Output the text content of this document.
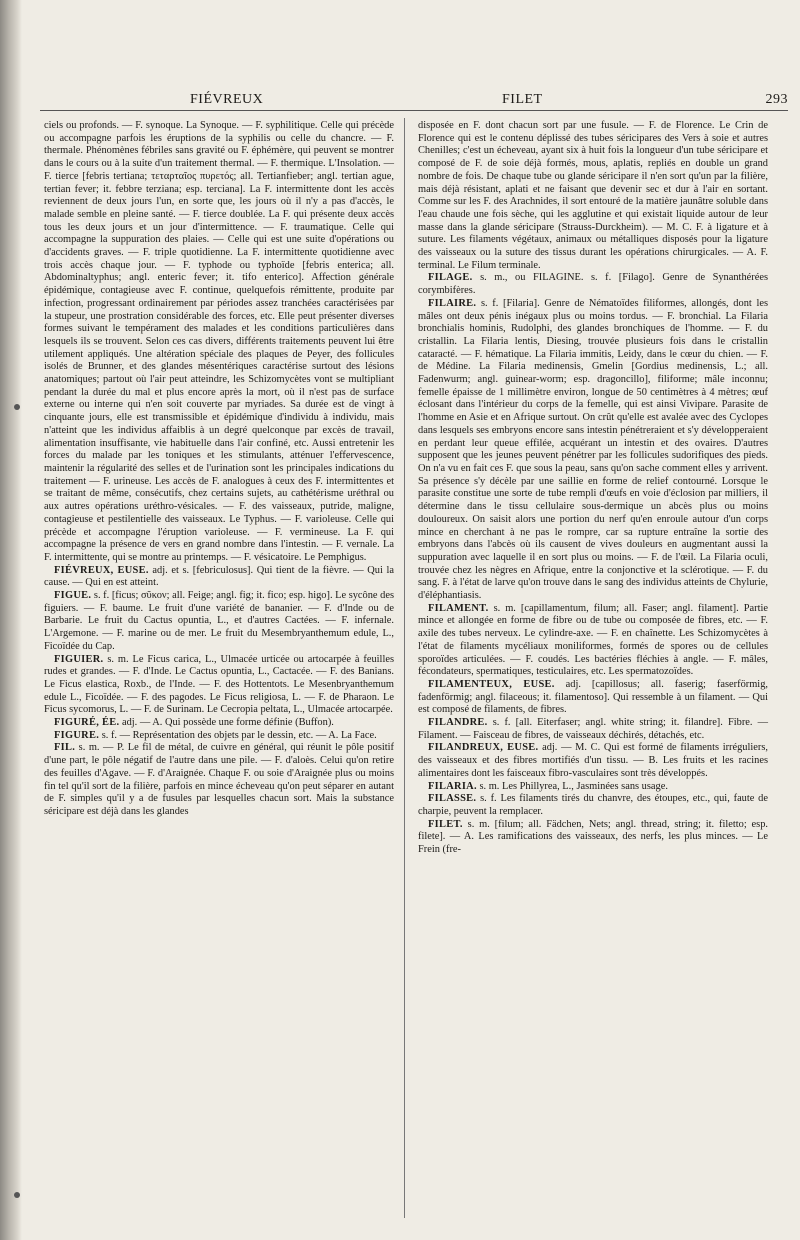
FIÉVREUX	FILET	293

ciels ou profonds. — F. synoque. La Synoque. — F. syphilitique. Celle qui précède ou accompagne parfois les éruptions de la syphilis ou celle du chancre. — F. thermale. Phénomènes fébriles sans gravité ou F. éphémère, qui peuvent se montrer dans le cours ou à la suite d'un traitement thermal. — F. thermique. L'Insolation. — F. tierce [febris tertiana; τεταρταῖος πυρετός; all. Tertianfieber; angl. tertian ague, tertian fever; it. febbre terziana; esp. terciana]. La F. intermittente dont les accès reviennent de deux jours l'un, en sorte que, les jours où il n'y a pas d'accès, le malade semble en pleine santé. — F. tierce doublée. La F. qui présente deux accès tous les deux jours et un jour d'intermittence. — F. traumatique. Celle qui accompagne la suppuration des plaies. — Celle qui est une suite d'opérations ou d'accidents graves. — F. triple quotidienne. La F. intermittente quotidienne avec trois accès chaque jour. — F. typhode ou typhoïde [febris enterica; all. Abdominaltyphus; angl. enteric fever; it. tifo enterico]. Affection générale épidémique, contagieuse avec F. continue, quelquefois rémittente, produite par infection, progressant ordinairement par périodes assez tranchées caractérisées par la stupeur, une prostration considérable des forces, etc. Elle peut présenter diverses formes suivant le tempérament des malades et les conditions particulières dans lesquels ils se trouvent. Selon ces cas divers, différents traitements peuvent lui être utilement appliqués. Une altération spéciale des plaques de Peyer, des follicules isolés de Brunner, et des glandes mésentériques caractérise surtout des lésions anatomiques; partout où l'air peut atteindre, les Schizomycètes vont se multipliant pendant la durée du mal et plus encore après la mort, où il n'est pas de surface externe ou interne qui n'en soit couverte par myriades. Sa durée est de vingt à cinquante jours, elle est transmissible et épidémique d'individu à individu, mais n'atteint que les individus affaiblis à un degré quelconque par excès de travail, alimentation insuffisante, vie habituelle dans l'air confiné, etc. Aussi entretenir les forces du malade par les toniques et les stimulants, atténuer l'effervescence, maintenir la régularité des selles et de l'urination sont les principales indications du traitement — F. urineuse. Les accès de F. analogues à ceux des F. intermittentes et se traitant de même, consécutifs, chez certains sujets, au cathétérisme uréthral ou aux autres opérations uréthro-vésicales. — F. des vaisseaux, putride, maligne, contagieuse et pestilentielle des vaisseaux. Le Typhus. — F. varioleuse. Celle qui précède et accompagne l'éruption varioleuse. — F. vermineuse. La F. qui accompagne la présence de vers en grand nombre dans l'intestin. — F. vernale. La F. intermittente, qui se montre au printemps. — F. vésicatoire. Le Pemphigus.

FIÉVREUX, EUSE. adj. et s. [febriculosus]. Qui tient de la fièvre. — Qui la cause. — Qui en est atteint.

FIGUE. s. f. [ficus; σῦκον; all. Feige; angl. fig; it. fico; esp. higo]. Le sycône des figuiers. — F. baume. Le fruit d'une variété de bananier. — F. d'Inde ou de Barbarie. Le fruit du Cactus opuntia, L., et d'autres Cactées. — F. infernale. L'Argemone. — F. marine ou de mer. Le fruit du Mesembryanthemum edule, L., Ficoïdée du Cap.

FIGUIER. s. m. Le Ficus carica, L., Ulmacée urticée ou artocarpée à feuilles rudes et grandes. — F. d'Inde. Le Cactus opuntia, L., Cactacée. — F. des Banians. Le Ficus elastica, Roxb., de l'Inde. — F. des Hottentots. Le Mesenbryanthemum edule L., Ficoïdée. — F. des pagodes. Le Ficus religiosa, L. — F. de Pharaon. Le Ficus sycomorus, L. — F. de Surinam. Le Cecropia peltata, L., Ulmacée artocarpée.

FIGURÉ, ÉE. adj. — A. Qui possède une forme définie (Buffon).

FIGURE. s. f. — Représentation des objets par le dessin, etc. — A. La Face.

FIL. s. m. — P. Le fil de métal, de cuivre en général, qui réunit le pôle positif d'une part, le pôle négatif de l'autre dans une pile. — F. d'aloès. Celui qu'on retire des feuilles d'Agave. — F. d'Araignée. Chaque F. ou soie d'Araignée plus ou moins fin tel qu'il sort de la filière, parfois en mince écheveau qu'on peut séparer en autant de F. simples qu'il y a de fusules par lesquelles chacun sort. Mais la substance séricipare est déjà dans les glandes

disposée en F. dont chacun sort par une fusule. — F. de Florence. Le Crin de Florence qui est le contenu déplissé des tubes séricipares des Vers à soie et autres Chenilles; c'est un écheveau, ayant six à huit fois la longueur d'un tube séricipare et composé de F. de soie déjà formés, mous, aplatis, repliés en double un grand nombre de fois. De chaque tube ou glande séricipare il n'en sort qu'un par la filière, mais déjà résistant, aplati et ne faisant que devenir sec et dur à l'air en sortant. Comme sur les F. des Arachnides, il sort entouré de la matière jaunâtre soluble dans l'eau chaude une fois sèche, qui les agglutine et qui existait liquide autour de leur masse dans la glande séricipare (Strauss-Durckheim). — M. C. F. à ligature et à suture. Les filaments végétaux, animaux ou métalliques disposés pour la ligature des vaisseaux ou la suture des tissus durant les opérations chirurgicales. — A. F. terminal. Le Filum terminale.

FILAGE. s. m., ou FILAGINE. s. f. [Filago]. Genre de Synanthérées corymbifères.

FILAIRE. s. f. [Filaria]. Genre de Nématoïdes filiformes, allongés, dont les mâles ont deux pénis inégaux plus ou moins tordus. — F. bronchial. La Filaria bronchialis hominis, Rudolphi, des glandes bronchiques de l'homme. — F. du cristallin. La Filaria lentis, Diesing, trouvée plusieurs fois dans le cristallin cataracté. — F. hématique. La Filaria immitis, Leidy, dans le cœur du chien. — F. de Médine. La Filaria medinensis, Gmelin [Gordius medinensis, L.; all. Fadenwurm; angl. guinear-worm; esp. dragoncillo], filiforme; mâle inconnu; femelle épaisse de 1 millimètre environ, longue de 50 centimètres à 4 mètres; œuf éclosant dans l'intérieur du corps de la femelle, qui est ainsi Vivipare. Parasite de l'homme en Asie et en Afrique surtout. On crût qu'elle est avalée avec des Cyclopes dans lesquels ses embryons encore sans intestin pénétreraient et s'y développeraient en perdant leur queue effilée, acquérant un intestin et des ovaires. D'autres supposent que les jeunes peuvent pénétrer par les follicules sudorifiques des pieds. On n'a vu en fait ces F. que sous la peau, sans qu'on sache comment elles y arrivent. Sa présence s'y décèle par une saillie en forme de relief contourné. Lorsque le parasite constitue une sorte de tube rempli d'œufs en voie d'éclosion par milliers, il détermine dans le tissu cellulaire sous-dermique un abcès plus ou moins douloureux. On saisit alors une portion du nerf qu'en enroule autour d'un corps mince en cherchant à ne pas le rompre, car sa rupture entraîne la sortie des embryons dans l'abcès où ils causent de vives douleurs en augmentant aussi la suppuration avec laquelle il en sort plus ou moins. — F. de l'œil. La Filaria oculi, trouvée chez les nègres en Afrique, entre la conjonctive et la sclérotique. — F. du sang. F. à l'état de larve qu'on trouve dans le sang des individus atteints de Chylurie, d'éléphantiasis.

FILAMENT. s. m. [capillamentum, filum; all. Faser; angl. filament]. Partie mince et allongée en forme de fibre ou de tube ou composée de fibres, etc. — F. axile des tubes nerveux. Le cylindre-axe. — F. en chaînette. Les Schizomycètes à l'état de filaments mycéliaux moniliformes, formés de spores ou de cellules sporoïdes articulées. — F. coudés. Les bactéries fléchies à angle. — F. mâles, fécondateurs, spermatiques, testiculaires, etc. Les spermatozoïdes.

FILAMENTEUX, EUSE. adj. [capillosus; all. faserig; faserförmig, fadenförmig; angl. filaceous; it. filamentoso]. Qui ressemble à un filament. — Qui est composé de filaments, de fibres.

FILANDRE. s. f. [all. Eiterfaser; angl. white string; it. filandre]. Fibre. — Filament. — Faisceau de fibres, de vaisseaux déchirés, détachés, etc.

FILANDREUX, EUSE. adj. — M. C. Qui est formé de filaments irréguliers, des vaisseaux et des fibres mortifiés d'un tissu. — B. Les fruits et les racines alimentaires dont les faisceaux fibro-vasculaires sont très développés.

FILARIA. s. m. Les Phillyrea, L., Jasminées sans usage.

FILASSE. s. f. Les filaments tirés du chanvre, des étoupes, etc., qui, faute de charpie, peuvent la remplacer.

FILET. s. m. [filum; all. Fädchen, Nets; angl. thread, string; it. filetto; esp. filete]. — A. Les ramifications des vaisseaux, des nerfs, les plus minces. — Le Frein (fre-
